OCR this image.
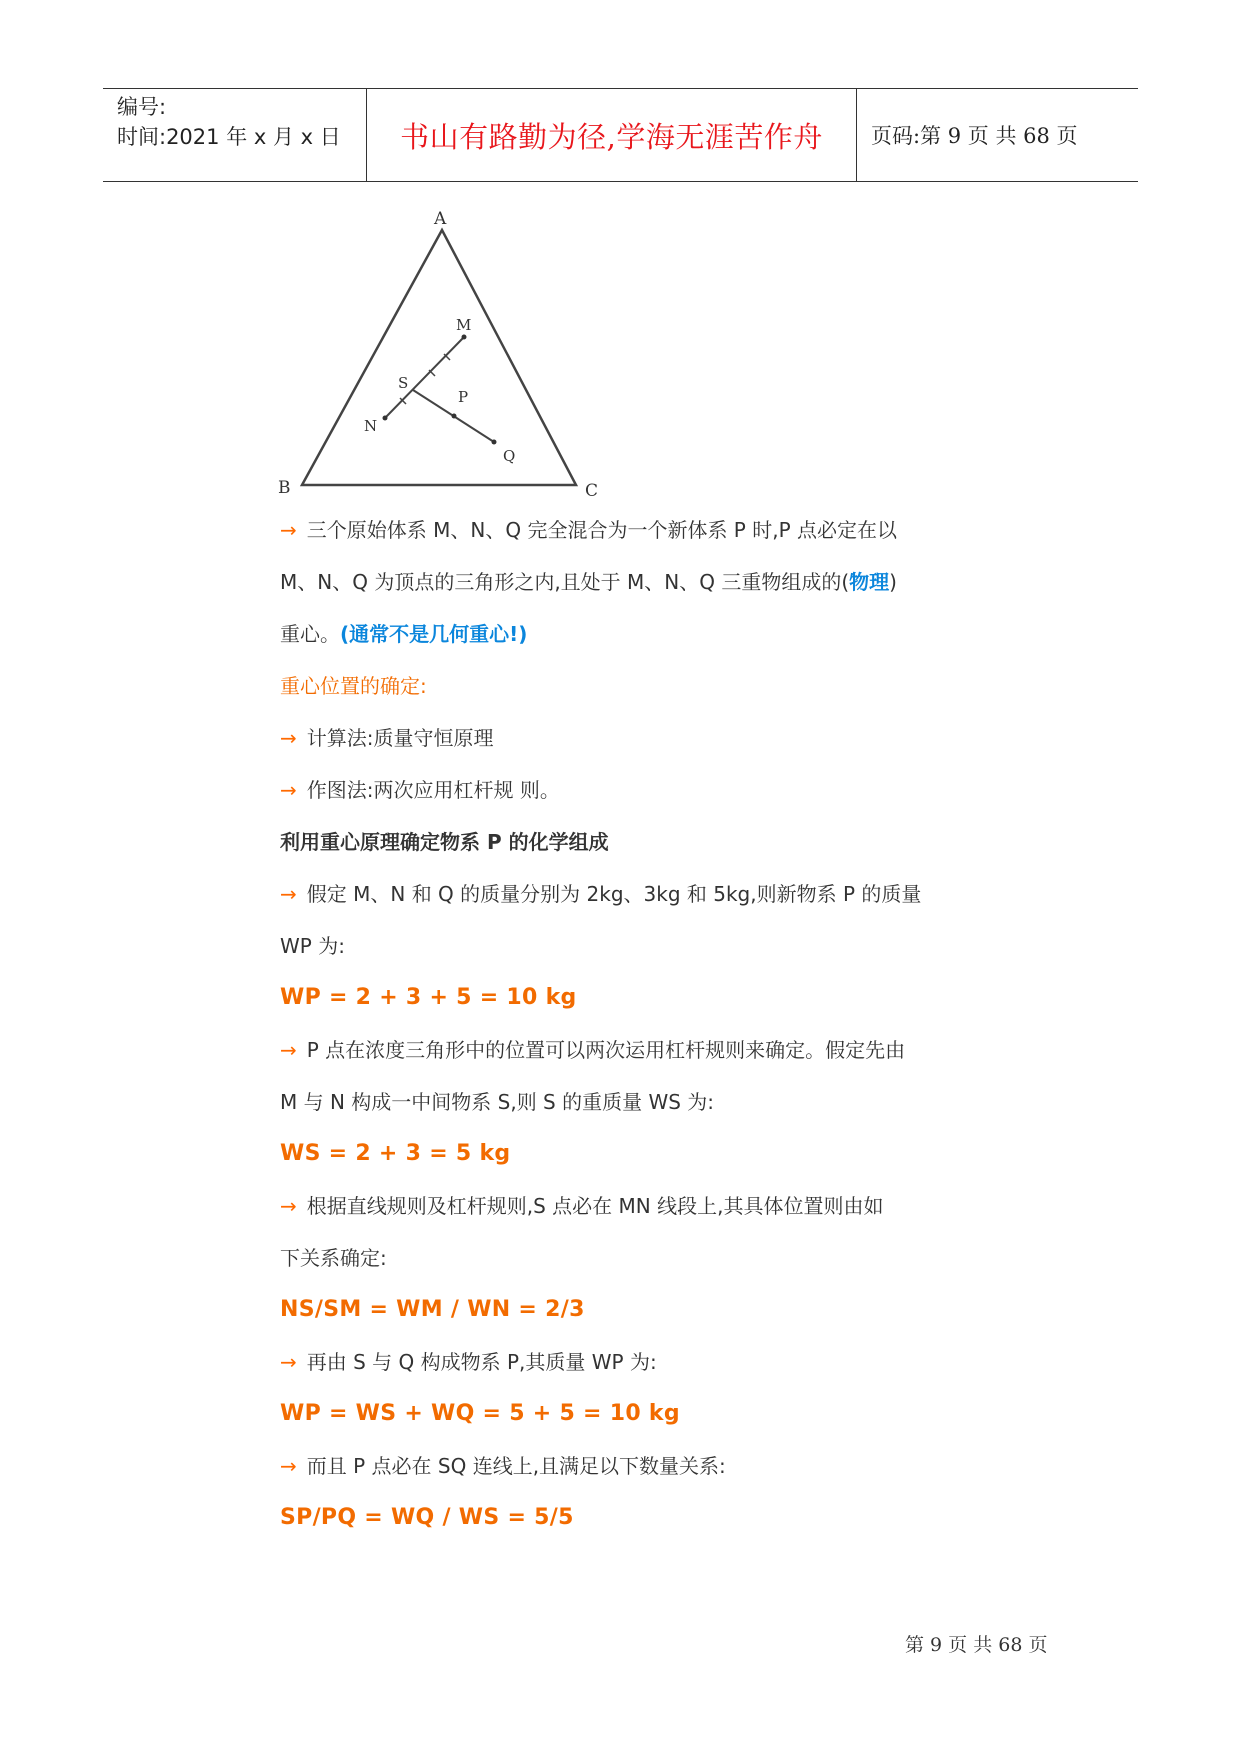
编号:
时间:2021 年 x 月 x 日	书山有路勤为径,学海无涯苦作舟 页码:第 9 页 共 68 页
A
B	C
M
S
P
N
Q
→ 三个原始体系 M、N、Q 完全混合为一个新体系 P 时,P 点必定在以
M、N、Q 为顶点的三角形之内,且处于 M、N、Q 三重物组成的(物理)
重心。(通常不是几何重心!)
重心位置的确定:
→ 计算法:质量守恒原理
→ 作图法:两次应用杠杆规 则。
利用重心原理确定物系 P 的化学组成
→ 假定 M、N 和 Q 的质量分别为 2kg、3kg 和 5kg,则新物系 P 的质量
WP 为:
WP = 2 + 3 + 5 = 10 kg
→ P 点在浓度三角形中的位置可以两次运用杠杆规则来确定。假定先由
M 与 N 构成一中间物系 S,则 S 的重质量 WS 为:
WS = 2 + 3 = 5 kg
→ 根据直线规则及杠杆规则,S 点必在 MN 线段上,其具体位置则由如
下关系确定:
NS/SM = WM / WN = 2/3
→ 再由 S 与 Q 构成物系 P,其质量 WP 为:
WP = WS + WQ = 5 + 5 = 10 kg
→ 而且 P 点必在 SQ 连线上,且满足以下数量关系:
SP/PQ = WQ / WS = 5/5
第 9 页 共 68 页
